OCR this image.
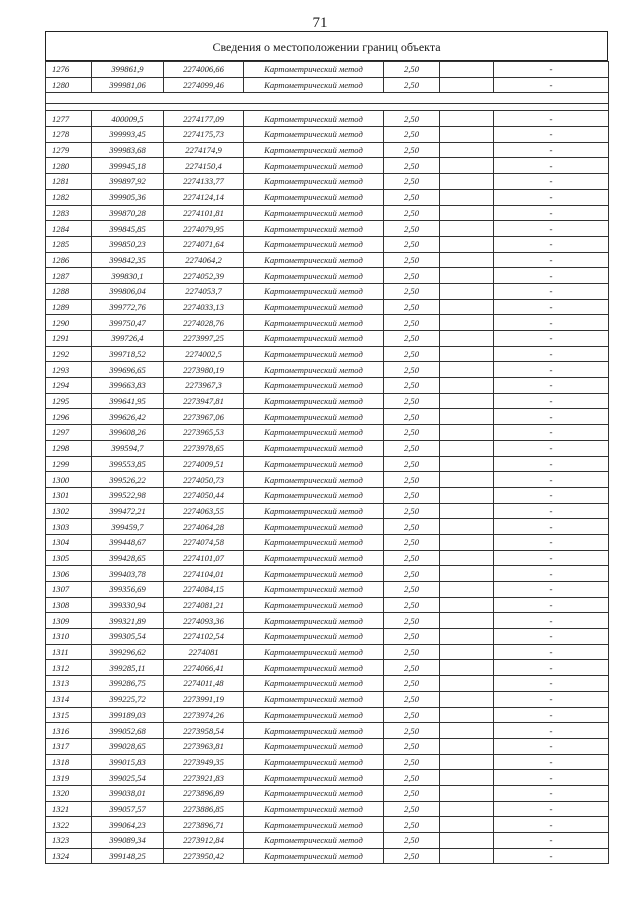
71
Сведения о местоположении границ объекта
1276	399861,9	2274006,66	Картометрический метод	2,50		-
1280	399981,06	2274099,46	Картометрический метод	2,50		-

1277	400009,5	2274177,09	Картометрический метод	2,50		-
1278	399993,45	2274175,73	Картометрический метод	2,50		-
1279	399983,68	2274174,9	Картометрический метод	2,50		-
1280	399945,18	2274150,4	Картометрический метод	2,50		-
1281	399897,92	2274133,77	Картометрический метод	2,50		-
1282	399905,36	2274124,14	Картометрический метод	2,50		-
1283	399870,28	2274101,81	Картометрический метод	2,50		-
1284	399845,85	2274079,95	Картометрический метод	2,50		-
1285	399850,23	2274071,64	Картометрический метод	2,50		-
1286	399842,35	2274064,2	Картометрический метод	2,50		-
1287	399830,1	2274052,39	Картометрический метод	2,50		-
1288	399806,04	2274053,7	Картометрический метод	2,50		-
1289	399772,76	2274033,13	Картометрический метод	2,50		-
1290	399750,47	2274028,76	Картометрический метод	2,50		-
1291	399726,4	2273997,25	Картометрический метод	2,50		-
1292	399718,52	2274002,5	Картометрический метод	2,50		-
1293	399696,65	2273980,19	Картометрический метод	2,50		-
1294	399663,83	2273967,3	Картометрический метод	2,50		-
1295	399641,95	2273947,81	Картометрический метод	2,50		-
1296	399626,42	2273967,06	Картометрический метод	2,50		-
1297	399608,26	2273965,53	Картометрический метод	2,50		-
1298	399594,7	2273978,65	Картометрический метод	2,50		-
1299	399553,85	2274009,51	Картометрический метод	2,50		-
1300	399526,22	2274050,73	Картометрический метод	2,50		-
1301	399522,98	2274050,44	Картометрический метод	2,50		-
1302	399472,21	2274063,55	Картометрический метод	2,50		-
1303	399459,7	2274064,28	Картометрический метод	2,50		-
1304	399448,67	2274074,58	Картометрический метод	2,50		-
1305	399428,65	2274101,07	Картометрический метод	2,50		-
1306	399403,78	2274104,01	Картометрический метод	2,50		-
1307	399356,69	2274084,15	Картометрический метод	2,50		-
1308	399330,94	2274081,21	Картометрический метод	2,50		-
1309	399321,89	2274093,36	Картометрический метод	2,50		-
1310	399305,54	2274102,54	Картометрический метод	2,50		-
1311	399296,62	2274081	Картометрический метод	2,50		-
1312	399285,11	2274066,41	Картометрический метод	2,50		-
1313	399286,75	2274011,48	Картометрический метод	2,50		-
1314	399225,72	2273991,19	Картометрический метод	2,50		-
1315	399189,03	2273974,26	Картометрический метод	2,50		-
1316	399052,68	2273958,54	Картометрический метод	2,50		-
1317	399028,65	2273963,81	Картометрический метод	2,50		-
1318	399015,83	2273949,35	Картометрический метод	2,50		-
1319	399025,54	2273921,83	Картометрический метод	2,50		-
1320	399038,01	2273896,89	Картометрический метод	2,50		-
1321	399057,57	2273886,85	Картометрический метод	2,50		-
1322	399064,23	2273896,71	Картометрический метод	2,50		-
1323	399089,34	2273912,84	Картометрический метод	2,50		-
1324	399148,25	2273950,42	Картометрический метод	2,50		-
